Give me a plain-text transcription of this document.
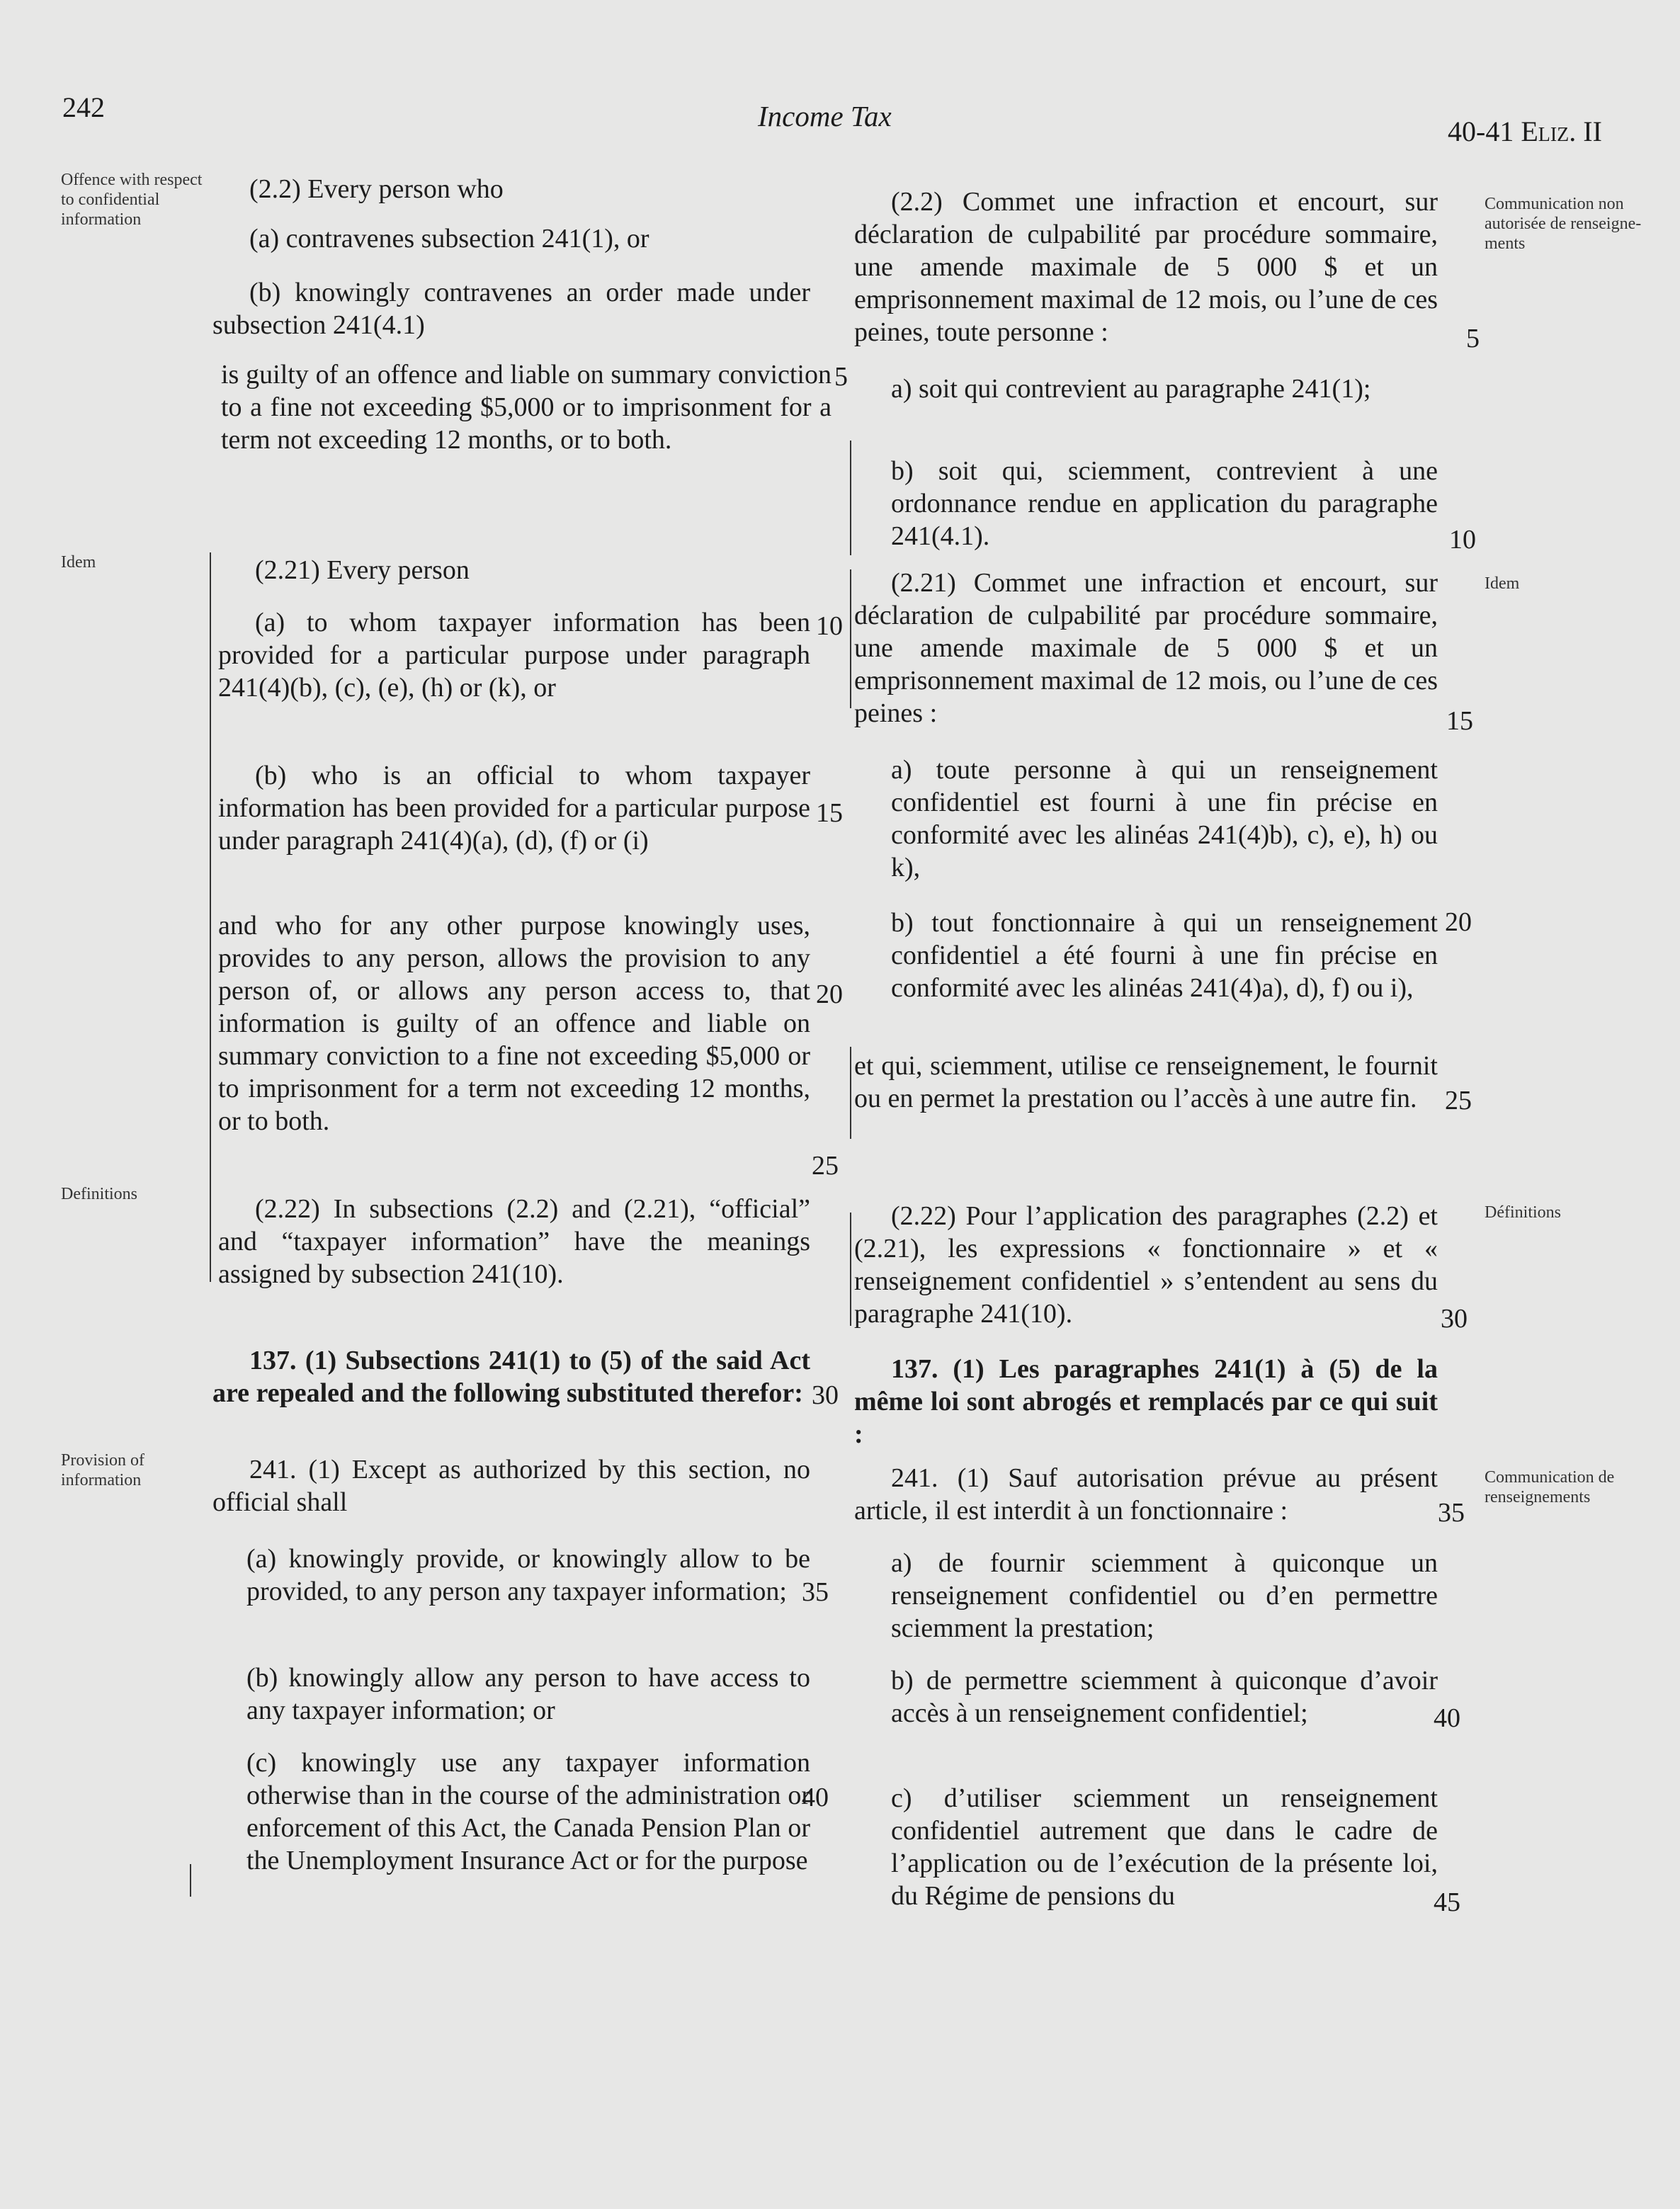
242	Income Tax	40-41 Eliz. II
Offence with respect to confidential information
Idem
Definitions
Provision of information
Communication non autorisée de renseigne-ments
Idem
Définitions
Communication de renseignements

(2.2) Every person who

(a) contravenes subsection 241(1), or

(b) knowingly contravenes an order made under subsection 241(4.1)

is guilty of an offence and liable on summary conviction to a fine not exceeding $5,000 or to imprisonment for a term not exceeding 12 months, or to both.

(2.21) Every person

(a) to whom taxpayer information has been provided for a particular purpose under paragraph 241(4)(b), (c), (e), (h) or (k), or

(b) who is an official to whom taxpayer information has been provided for a particular purpose under paragraph 241(4)(a), (d), (f) or (i)

and who for any other purpose knowingly uses, provides to any person, allows the provision to any person of, or allows any person access to, that information is guilty of an offence and liable on summary conviction to a fine not exceeding $5,000 or to imprisonment for a term not exceeding 12 months, or to both.

(2.22) In subsections (2.2) and (2.21), “official” and “taxpayer information” have the meanings assigned by subsection 241(10).

137. (1) Subsections 241(1) to (5) of the said Act are repealed and the following substituted therefor:

241. (1) Except as authorized by this section, no official shall

(a) knowingly provide, or knowingly allow to be provided, to any person any taxpayer information;

(b) knowingly allow any person to have access to any taxpayer information; or

(c) knowingly use any taxpayer information otherwise than in the course of the administration or enforcement of this Act, the Canada Pension Plan or the Unemployment Insurance Act or for the purpose

(2.2) Commet une infraction et encourt, sur déclaration de culpabilité par procédure sommaire, une amende maximale de 5 000 $ et un emprisonnement maximal de 12 mois, ou l’une de ces peines, toute personne :

a) soit qui contrevient au paragraphe 241(1);

b) soit qui, sciemment, contrevient à une ordonnance rendue en application du paragraphe 241(4.1).

(2.21) Commet une infraction et encourt, sur déclaration de culpabilité par procédure sommaire, une amende maximale de 5 000 $ et un emprisonnement maximal de 12 mois, ou l’une de ces peines :

a) toute personne à qui un renseignement confidentiel est fourni à une fin précise en conformité avec les alinéas 241(4)b), c), e), h) ou k),

b) tout fonctionnaire à qui un renseignement confidentiel a été fourni à une fin précise en conformité avec les alinéas 241(4)a), d), f) ou i),

et qui, sciemment, utilise ce renseignement, le fournit ou en permet la prestation ou l’accès à une autre fin.

(2.22) Pour l’application des paragraphes (2.2) et (2.21), les expressions « fonctionnaire » et « renseignement confidentiel » s’entendent au sens du paragraphe 241(10).

137. (1) Les paragraphes 241(1) à (5) de la même loi sont abrogés et remplacés par ce qui suit :

241. (1) Sauf autorisation prévue au présent article, il est interdit à un fonctionnaire :

a) de fournir sciemment à quiconque un renseignement confidentiel ou d’en permettre sciemment la prestation;

b) de permettre sciemment à quiconque d’avoir accès à un renseignement confidentiel;

c) d’utiliser sciemment un renseignement confidentiel autrement que dans le cadre de l’application ou de l’exécution de la présente loi, du Régime de pensions du

5
10
15
20
25
30
35
40
5
10
15
20
25
30
35
40
45
